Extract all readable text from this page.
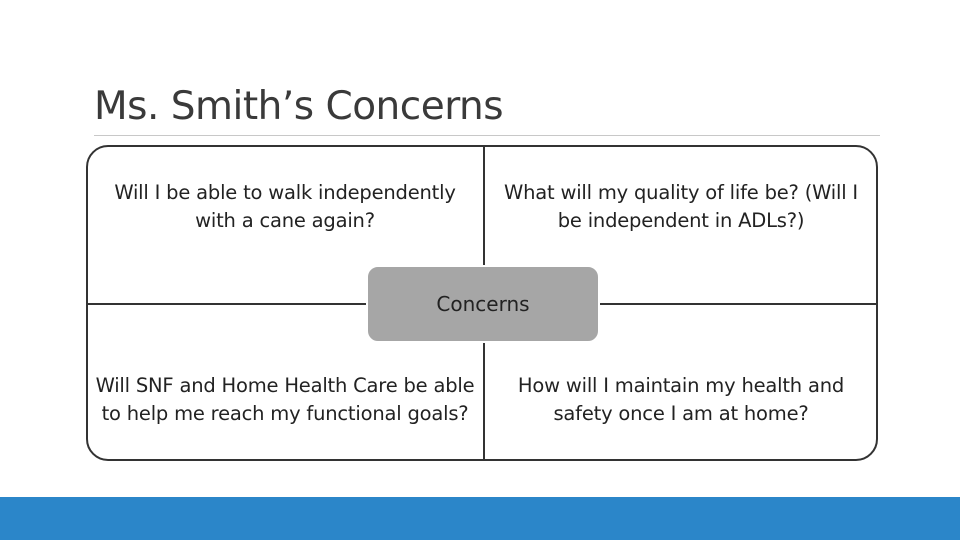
Ms. Smith’s Concerns
Will I be able to walk independently with a cane again?
What will my quality of life be? (Will I be independent in ADLs?)
Will SNF and Home Health Care be able to help me reach my functional goals?
How will I maintain my health and safety once I am at home?
Concerns
